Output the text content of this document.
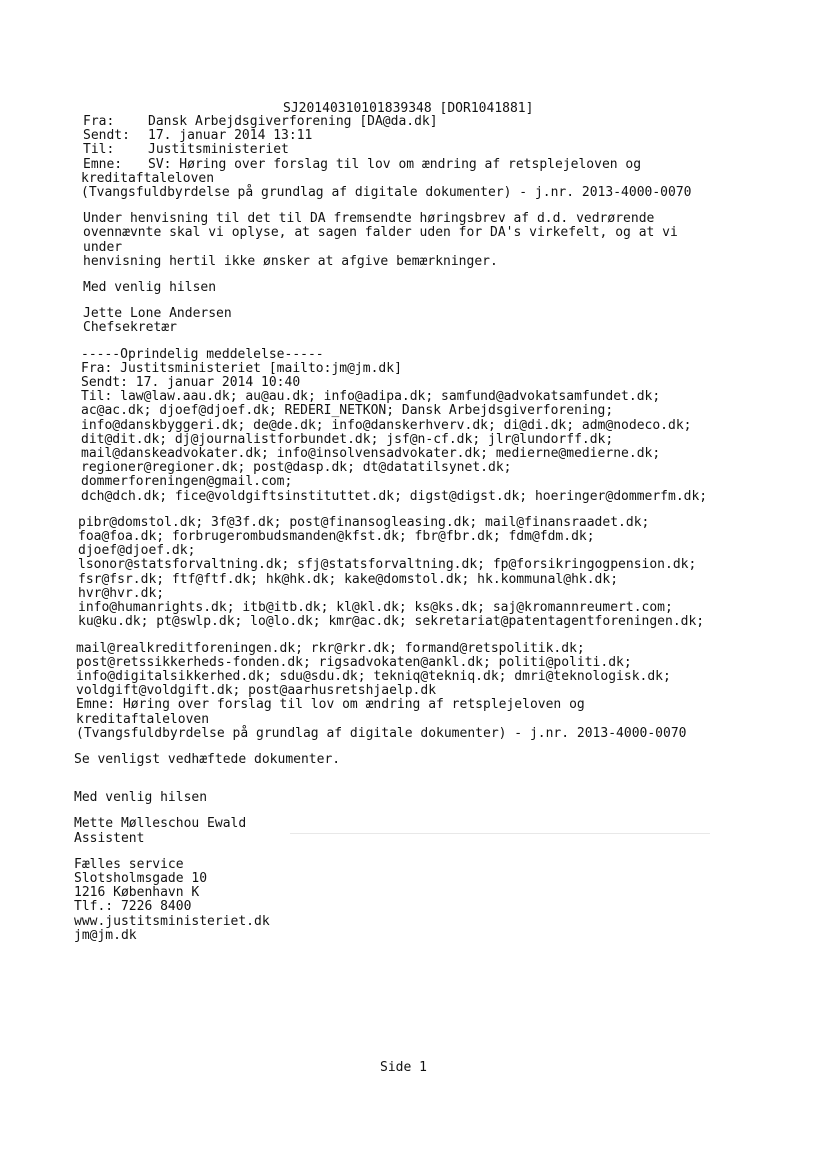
SJ20140310101839348 [DOR1041881]
Fra:	Dansk Arbejdsgiverforening [DA@da.dk]
Sendt:	17. januar 2014 13:11
Til:	Justitsministeriet
Emne:	SV: Høring over forslag til lov om ændring af retsplejeloven og
kreditaftaleloven
(Tvangsfuldbyrdelse på grundlag af digitale dokumenter) - j.nr. 2013-4000-0070
Under henvisning til det til DA fremsendte høringsbrev af d.d. vedrørende
ovennævnte skal vi oplyse, at sagen falder uden for DA's virkefelt, og at vi
under
henvisning hertil ikke ønsker at afgive bemærkninger.
Med venlig hilsen
Jette Lone Andersen
Chefsekretær
-----Oprindelig meddelelse-----
Fra: Justitsministeriet [mailto:jm@jm.dk]
Sendt: 17. januar 2014 10:40
Til: law@law.aau.dk; au@au.dk; info@adipa.dk; samfund@advokatsamfundet.dk;
ac@ac.dk; djoef@djoef.dk; REDERI_NETKON; Dansk Arbejdsgiverforening;
info@danskbyggeri.dk; de@de.dk; info@danskerhverv.dk; di@di.dk; adm@nodeco.dk;
dit@dit.dk; dj@journalistforbundet.dk; jsf@n-cf.dk; jlr@lundorff.dk;
mail@danskeadvokater.dk; info@insolvensadvokater.dk; medierne@medierne.dk;
regioner@regioner.dk; post@dasp.dk; dt@datatilsynet.dk;
dommerforeningen@gmail.com;
dch@dch.dk; fice@voldgiftsinstituttet.dk; digst@digst.dk; hoeringer@dommerfm.dk;
pibr@domstol.dk; 3f@3f.dk; post@finansogleasing.dk; mail@finansraadet.dk;
foa@foa.dk; forbrugerombudsmanden@kfst.dk; fbr@fbr.dk; fdm@fdm.dk;
djoef@djoef.dk;
lsonor@statsforvaltning.dk; sfj@statsforvaltning.dk; fp@forsikringogpension.dk;
fsr@fsr.dk; ftf@ftf.dk; hk@hk.dk; kake@domstol.dk; hk.kommunal@hk.dk;
hvr@hvr.dk;
info@humanrights.dk; itb@itb.dk; kl@kl.dk; ks@ks.dk; saj@kromannreumert.com;
ku@ku.dk; pt@swlp.dk; lo@lo.dk; kmr@ac.dk; sekretariat@patentagentforeningen.dk;
mail@realkreditforeningen.dk; rkr@rkr.dk; formand@retspolitik.dk;
post@retssikkerheds-fonden.dk; rigsadvokaten@ankl.dk; politi@politi.dk;
info@digitalsikkerhed.dk; sdu@sdu.dk; tekniq@tekniq.dk; dmri@teknologisk.dk;
voldgift@voldgift.dk; post@aarhusretshjaelp.dk
Emne: Høring over forslag til lov om ændring af retsplejeloven og
kreditaftaleloven
(Tvangsfuldbyrdelse på grundlag af digitale dokumenter) - j.nr. 2013-4000-0070
Se venligst vedhæftede dokumenter.
Med venlig hilsen
Mette Mølleschou Ewald
Assistent
Fælles service
Slotsholmsgade 10
1216 København K
Tlf.: 7226 8400
www.justitsministeriet.dk
jm@jm.dk
Side 1
